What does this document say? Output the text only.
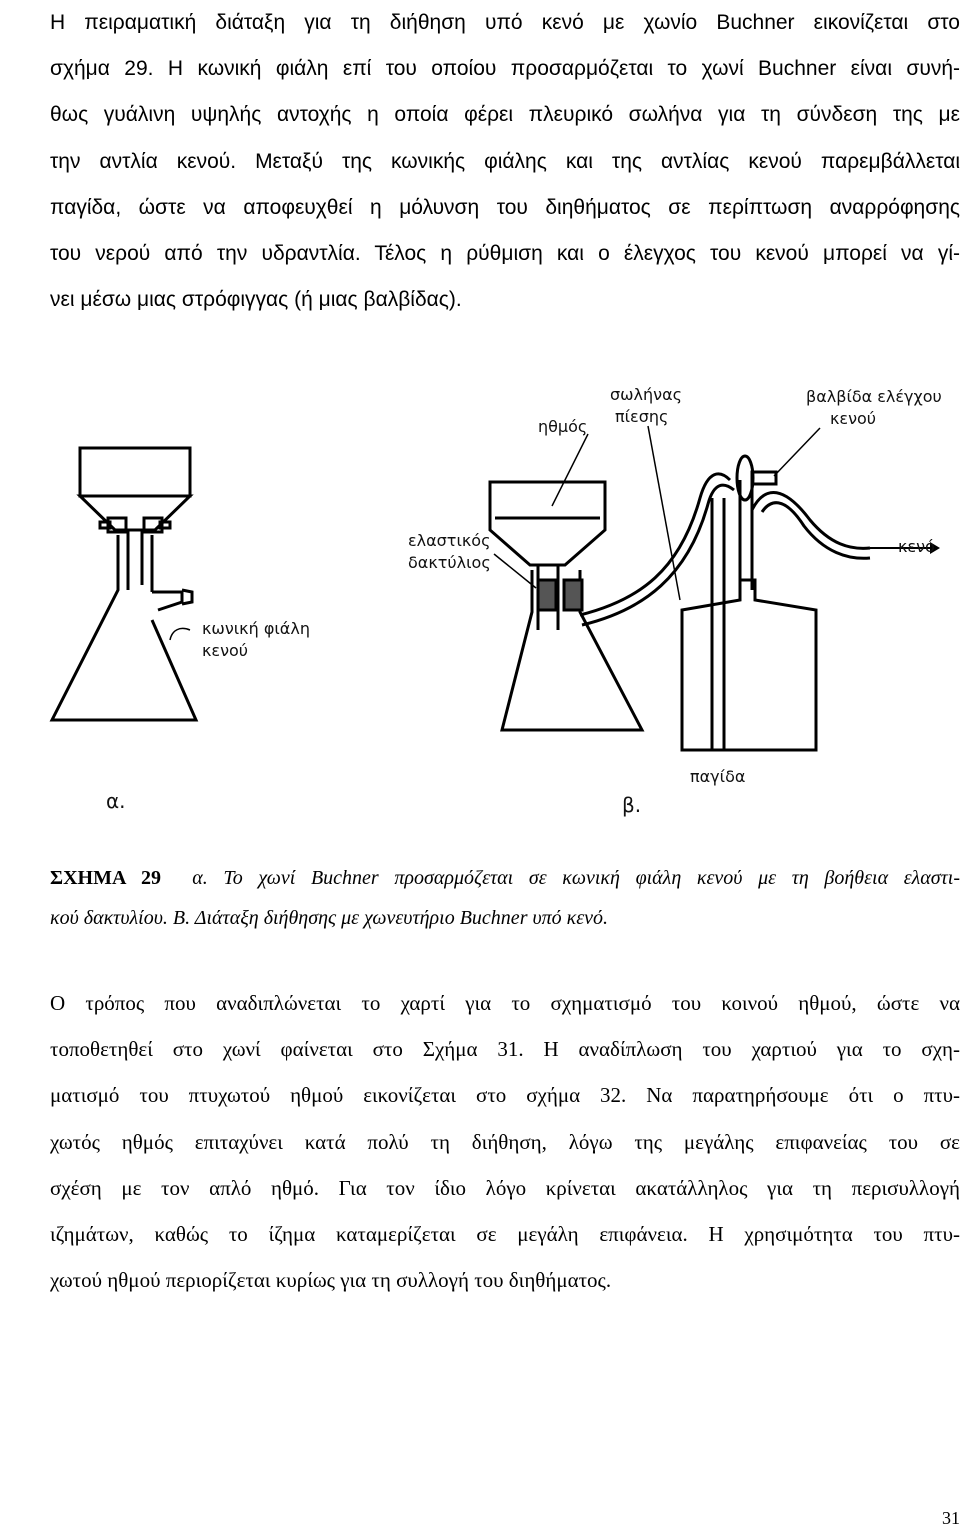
Η πειραματική διάταξη για τη διήθηση υπό κενό με χωνίο Buchner εικονίζεται στο
σχήμα 29. Η κωνική φιάλη επί του οποίου προσαρμόζεται το χωνί Buchner είναι συνή-
θως γυάλινη υψηλής αντοχής η οποία φέρει πλευρικό σωλήνα για τη σύνδεση της με
την αντλία κενού. Μεταξύ της κωνικής φιάλης και της αντλίας κενού παρεμβάλλεται
παγίδα, ώστε να αποφευχθεί η μόλυνση του διηθήματος σε περίπτωση αναρρόφησης
του νερού από την υδραντλία. Τέλος η ρύθμιση και ο έλεγχος του κενού μπορεί να γί-
νει μέσω μιας στρόφιγγας (ή μιας βαλβίδας).
κωνική φιάλη
κενού
α.
ηθμός
σωλήνας
πίεσης
βαλβίδα ελέγχου
κενού
ελαστικός
δακτύλιος
κενό
παγίδα
β.
ΣΧΗΜΑ 29 α. Το χωνί Buchner προσαρμόζεται σε κωνική φιάλη κενού με τη βοήθεια ελαστι-
κού δακτυλίου. Β. Διάταξη διήθησης με χωνευτήριο Buchner υπό κενό.
Ο τρόπος που αναδιπλώνεται το χαρτί για το σχηματισμό του κοινού ηθμού, ώστε να
τοποθετηθεί στο χωνί φαίνεται στο Σχήμα 31. Η αναδίπλωση του χαρτιού για το σχη-
ματισμό του πτυχωτού ηθμού εικονίζεται στο σχήμα 32. Να παρατηρήσουμε ότι ο πτυ-
χωτός ηθμός επιταχύνει κατά πολύ τη διήθηση, λόγω της μεγάλης επιφανείας του σε
σχέση με τον απλό ηθμό. Για τον ίδιο λόγο κρίνεται ακατάλληλος για τη περισυλλογή
ιζημάτων, καθώς το ίζημα καταμερίζεται σε μεγάλη επιφάνεια. Η χρησιμότητα του πτυ-
χωτού ηθμού περιορίζεται κυρίως για τη συλλογή του διηθήματος.
31
